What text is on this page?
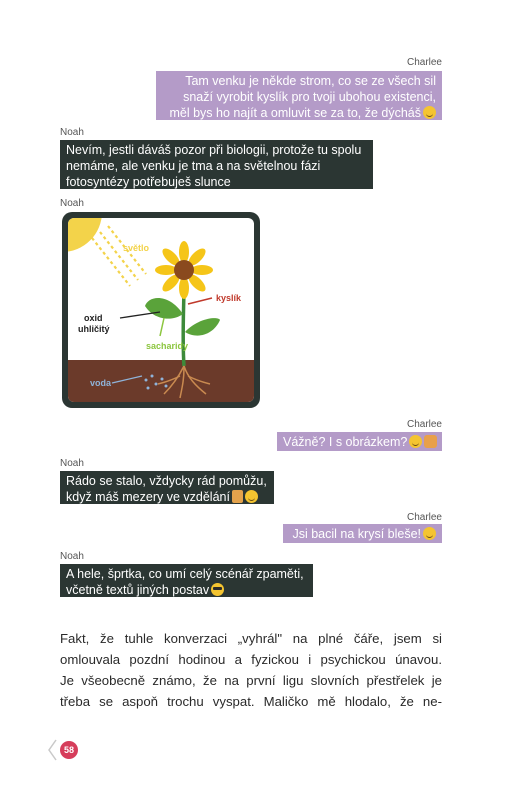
Charlee
Tam venku je někde strom, co se ze všech sil
snaží vyrobit kyslík pro tvoji ubohou existenci,
měl bys ho najít a omluvit se za to, že dýcháš
Noah
Nevím, jestli dáváš pozor při biologii, protože tu spolu
nemáme, ale venku je tma a na světelnou fázi
fotosyntézy potřebuješ slunce
Noah
světlo
kyslík
oxid
uhličitý
sacharidy
voda
Charlee
Vážně? I s obrázkem?
Noah
Rádo se stalo, vždycky rád pomůžu,
když máš mezery ve vzdělání
Charlee
Jsi bacil na krysí bleše!
Noah
A hele, šprtka, co umí celý scénář zpaměti,
včetně textů jiných postav
Fakt, že tuhle konverzaci „vyhrál" na plné čáře, jsem si
omlouvala pozdní hodinou a fyzickou i psychickou únavou.
Je všeobecně známo, že na první ligu slovních přestřelek je
třeba se aspoň trochu vyspat. Maličko mě hlodalo, že ne-
58
